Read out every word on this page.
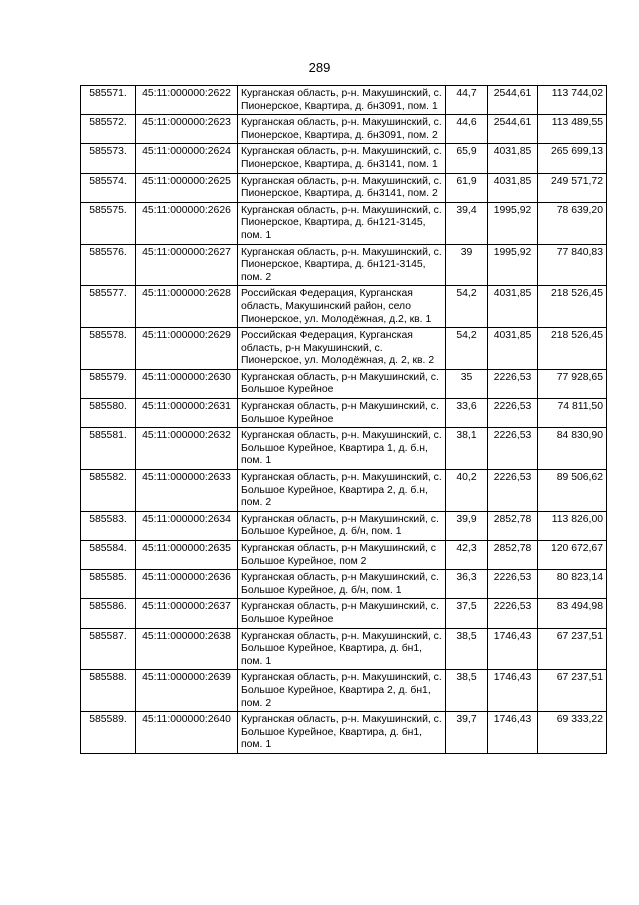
289
585571.	45:11:000000:2622	Курганская область, р-н. Макушинский, с. Пионерское, Квартира, д. бн3091, пом. 1	44,7	2544,61	113 744,02
585572.	45:11:000000:2623	Курганская область, р-н. Макушинский, с. Пионерское, Квартира, д. бн3091, пом. 2	44,6	2544,61	113 489,55
585573.	45:11:000000:2624	Курганская область, р-н. Макушинский, с. Пионерское, Квартира, д. бн3141, пом. 1	65,9	4031,85	265 699,13
585574.	45:11:000000:2625	Курганская область, р-н. Макушинский, с. Пионерское, Квартира, д. бн3141, пом. 2	61,9	4031,85	249 571,72
585575.	45:11:000000:2626	Курганская область, р-н. Макушинский, с. Пионерское, Квартира, д. бн121-3145, пом. 1	39,4	1995,92	78 639,20
585576.	45:11:000000:2627	Курганская область, р-н. Макушинский, с. Пионерское, Квартира, д. бн121-3145, пом. 2	39	1995,92	77 840,83
585577.	45:11:000000:2628	Российская Федерация, Курганская область, Макушинский район, село Пионерское, ул. Молодёжная, д.2, кв. 1	54,2	4031,85	218 526,45
585578.	45:11:000000:2629	Российская Федерация, Курганская область, р-н Макушинский, с. Пионерское, ул. Молодёжная, д. 2, кв. 2	54,2	4031,85	218 526,45
585579.	45:11:000000:2630	Курганская область, р-н Макушинский, с. Большое Курейное	35	2226,53	77 928,65
585580.	45:11:000000:2631	Курганская область, р-н Макушинский, с. Большое Курейное	33,6	2226,53	74 811,50
585581.	45:11:000000:2632	Курганская область, р-н. Макушинский, с. Большое Курейное, Квартира 1, д. б.н, пом. 1	38,1	2226,53	84 830,90
585582.	45:11:000000:2633	Курганская область, р-н. Макушинский, с. Большое Курейное, Квартира 2, д. б.н, пом. 2	40,2	2226,53	89 506,62
585583.	45:11:000000:2634	Курганская область, р-н Макушинский, с. Большое Курейное, д. б/н, пом. 1	39,9	2852,78	113 826,00
585584.	45:11:000000:2635	Курганская область, р-н Макушинский, с Большое Курейное, пом 2	42,3	2852,78	120 672,67
585585.	45:11:000000:2636	Курганская область, р-н Макушинский, с. Большое Курейное, д. б/н, пом. 1	36,3	2226,53	80 823,14
585586.	45:11:000000:2637	Курганская область, р-н Макушинский, с. Большое Курейное	37,5	2226,53	83 494,98
585587.	45:11:000000:2638	Курганская область, р-н. Макушинский, с. Большое Курейное, Квартира, д. бн1, пом. 1	38,5	1746,43	67 237,51
585588.	45:11:000000:2639	Курганская область, р-н. Макушинский, с. Большое Курейное, Квартира 2, д. бн1, пом. 2	38,5	1746,43	67 237,51
585589.	45:11:000000:2640	Курганская область, р-н. Макушинский, с. Большое Курейное, Квартира, д. бн1, пом. 1	39,7	1746,43	69 333,22
